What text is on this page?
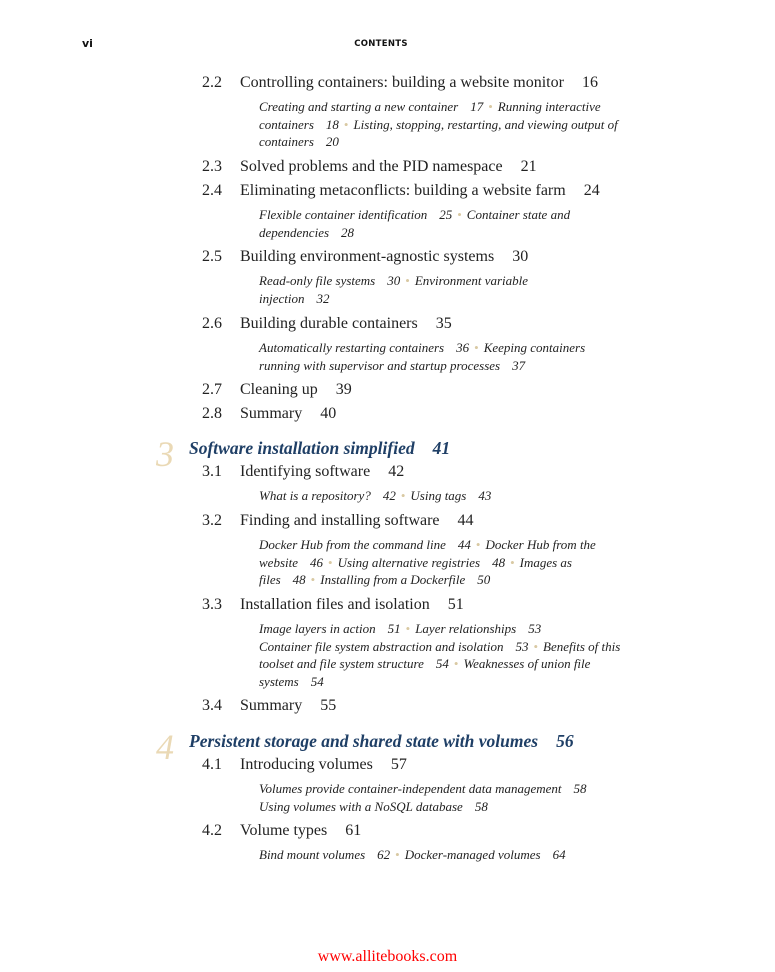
vi	CONTENTS
2.2 Controlling containers: building a website monitor 16
Creating and starting a new container 17 • Running interactive containers 18 • Listing, stopping, restarting, and viewing output of containers 20
2.3 Solved problems and the PID namespace 21
2.4 Eliminating metaconflicts: building a website farm 24
Flexible container identification 25 • Container state and dependencies 28
2.5 Building environment-agnostic systems 30
Read-only file systems 30 • Environment variable injection 32
2.6 Building durable containers 35
Automatically restarting containers 36 • Keeping containers running with supervisor and startup processes 37
2.7 Cleaning up 39
2.8 Summary 40
3 Software installation simplified 41
3.1 Identifying software 42
What is a repository? 42 • Using tags 43
3.2 Finding and installing software 44
Docker Hub from the command line 44 • Docker Hub from the website 46 • Using alternative registries 48 • Images as files 48 • Installing from a Dockerfile 50
3.3 Installation files and isolation 51
Image layers in action 51 • Layer relationships 53
Container file system abstraction and isolation 53 • Benefits of this toolset and file system structure 54 • Weaknesses of union file systems 54
3.4 Summary 55
4 Persistent storage and shared state with volumes 56
4.1 Introducing volumes 57
Volumes provide container-independent data management 58
Using volumes with a NoSQL database 58
4.2 Volume types 61
Bind mount volumes 62 • Docker-managed volumes 64
www.allitebooks.com
